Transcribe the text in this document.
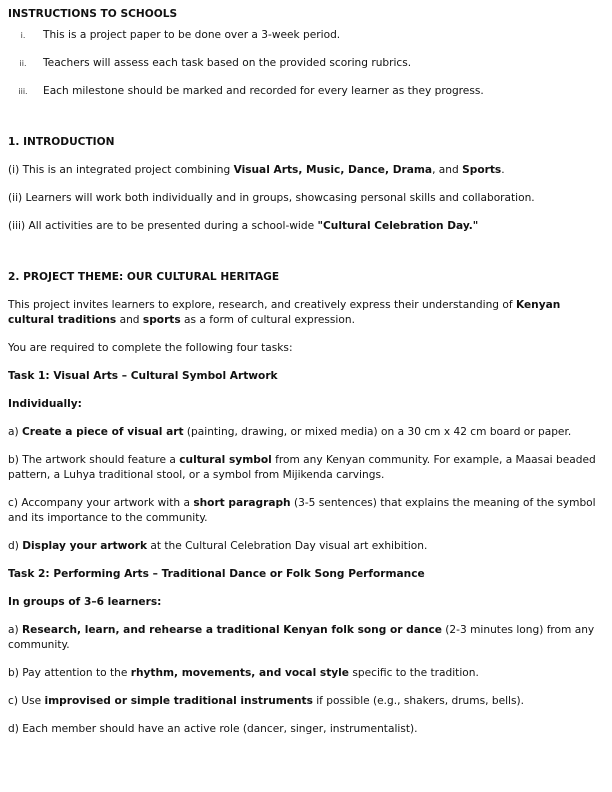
INSTRUCTIONS TO SCHOOLS

i.	This is a project paper to be done over a 3-week period.
ii.	Teachers will assess each task based on the provided scoring rubrics.
iii. Each milestone should be marked and recorded for every learner as they progress.

1. INTRODUCTION

(i) This is an integrated project combining Visual Arts, Music, Dance, Drama, and Sports.

(ii) Learners will work both individually and in groups, showcasing personal skills and collaboration.

(iii) All activities are to be presented during a school-wide "Cultural Celebration Day."

2. PROJECT THEME: OUR CULTURAL HERITAGE

This project invites learners to explore, research, and creatively express their understanding of Kenyan cultural traditions and sports as a form of cultural expression.

You are required to complete the following four tasks:

Task 1: Visual Arts – Cultural Symbol Artwork

Individually:

a) Create a piece of visual art (painting, drawing, or mixed media) on a 30 cm x 42 cm board or paper.

b) The artwork should feature a cultural symbol from any Kenyan community. For example, a Maasai beaded pattern, a Luhya traditional stool, or a symbol from Mijikenda carvings.

c) Accompany your artwork with a short paragraph (3-5 sentences) that explains the meaning of the symbol and its importance to the community.

d) Display your artwork at the Cultural Celebration Day visual art exhibition.

Task 2: Performing Arts – Traditional Dance or Folk Song Performance

In groups of 3–6 learners:

a) Research, learn, and rehearse a traditional Kenyan folk song or dance (2-3 minutes long) from any community.

b) Pay attention to the rhythm, movements, and vocal style specific to the tradition.

c) Use improvised or simple traditional instruments if possible (e.g., shakers, drums, bells).

d) Each member should have an active role (dancer, singer, instrumentalist).
